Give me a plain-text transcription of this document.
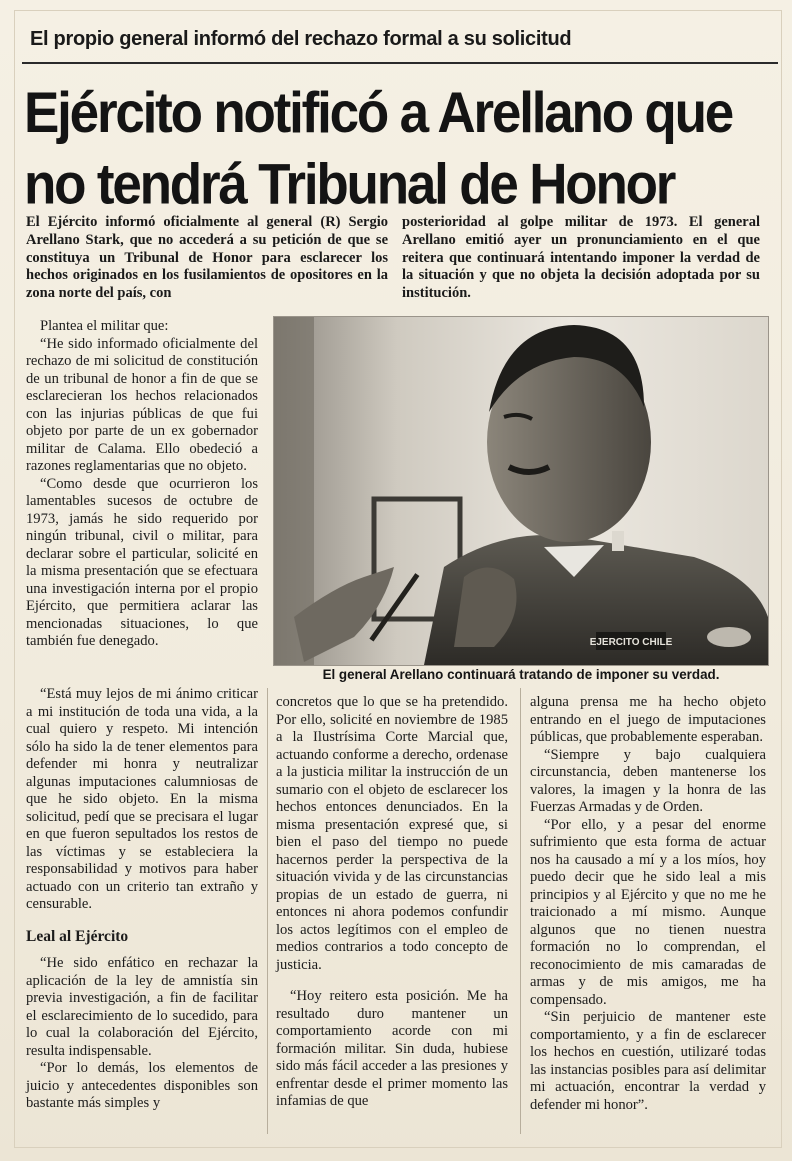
El propio general informó del rechazo formal a su solicitud
Ejército notificó a Arellano que
no tendrá Tribunal de Honor
El Ejército informó oficialmente al general (R) Sergio Arellano Stark, que no accederá a su petición de que se constituya un Tribunal de Honor para esclarecer los hechos originados en los fusilamientos de opositores en la zona norte del país, con
posterioridad al golpe militar de 1973. El general Arellano emitió ayer un pronunciamiento en el que reitera que continuará intentando imponer la verdad de la situación y que no objeta la decisión adoptada por su institución.

Plantea el militar que:

“He sido informado oficialmente del rechazo de mi solicitud de constitución de un tribunal de honor a fin de que se esclarecieran los hechos relacionados con las injurias públicas de que fui objeto por parte de un ex gobernador militar de Calama. Ello obedeció a razones reglamentarias que no objeto.

“Como desde que ocurrieron los lamentables sucesos de octubre de 1973, jamás he sido requerido por ningún tribunal, civil o militar, para declarar sobre el particular, solicité en la misma presentación que se efectuara una investigación interna por el propio Ejército, que permitiera aclarar las mencionadas situaciones, lo que también fue denegado.	EJERCITO CHILE
El general Arellano continuará tratando de imponer su verdad.

“Está muy lejos de mi ánimo criticar a mi institución de toda una vida, a la cual quiero y respeto. Mi intención sólo ha sido la de tener elementos para defender mi honra y neutralizar algunas imputaciones calumniosas de que he sido objeto. En la misma solicitud, pedí que se precisara el lugar en que fueron sepultados los restos de las víctimas y se estableciera la responsabilidad y motivos para haber actuado con un criterio tan extraño y censurable.

Leal al Ejército

“He sido enfático en rechazar la aplicación de la ley de amnistía sin previa investigación, a fin de facilitar el esclarecimiento de lo sucedido, para lo cual la colaboración del Ejército, resulta indispensable.

“Por lo demás, los elementos de juicio y antecedentes disponibles son bastante más simples y

concretos que lo que se ha pretendido. Por ello, solicité en noviembre de 1985 a la Ilustrísima Corte Marcial que, actuando conforme a derecho, ordenase a la justicia militar la instrucción de un sumario con el objeto de esclarecer los hechos entonces denunciados. En la misma presentación expresé que, si bien el paso del tiempo no puede hacernos perder la perspectiva de la situación vivida y de las circunstancias propias de un estado de guerra, ni entonces ni ahora podemos confundir los actos legítimos con el empleo de medios contrarios a todo concepto de justicia.

“Hoy reitero esta posición. Me ha resultado duro mantener un comportamiento acorde con mi formación militar. Sin duda, hubiese sido más fácil acceder a las presiones y enfrentar desde el primer momento las infamias de que

alguna prensa me ha hecho objeto entrando en el juego de imputaciones públicas, que probablemente esperaban.

“Siempre y bajo cualquiera circunstancia, deben mantenerse los valores, la imagen y la honra de las Fuerzas Armadas y de Orden.

“Por ello, y a pesar del enorme sufrimiento que esta forma de actuar nos ha causado a mí y a los míos, hoy puedo decir que he sido leal a mis principios y al Ejército y que no me he traicionado a mí mismo. Aunque algunos que no tienen nuestra formación no lo comprendan, el reconocimiento de mis camaradas de armas y de mis amigos, me ha compensado.

“Sin perjuicio de mantener este comportamiento, y a fin de esclarecer los hechos en cuestión, utilizaré todas las instancias posibles para así delimitar mi actuación, encontrar la verdad y defender mi honor”.
